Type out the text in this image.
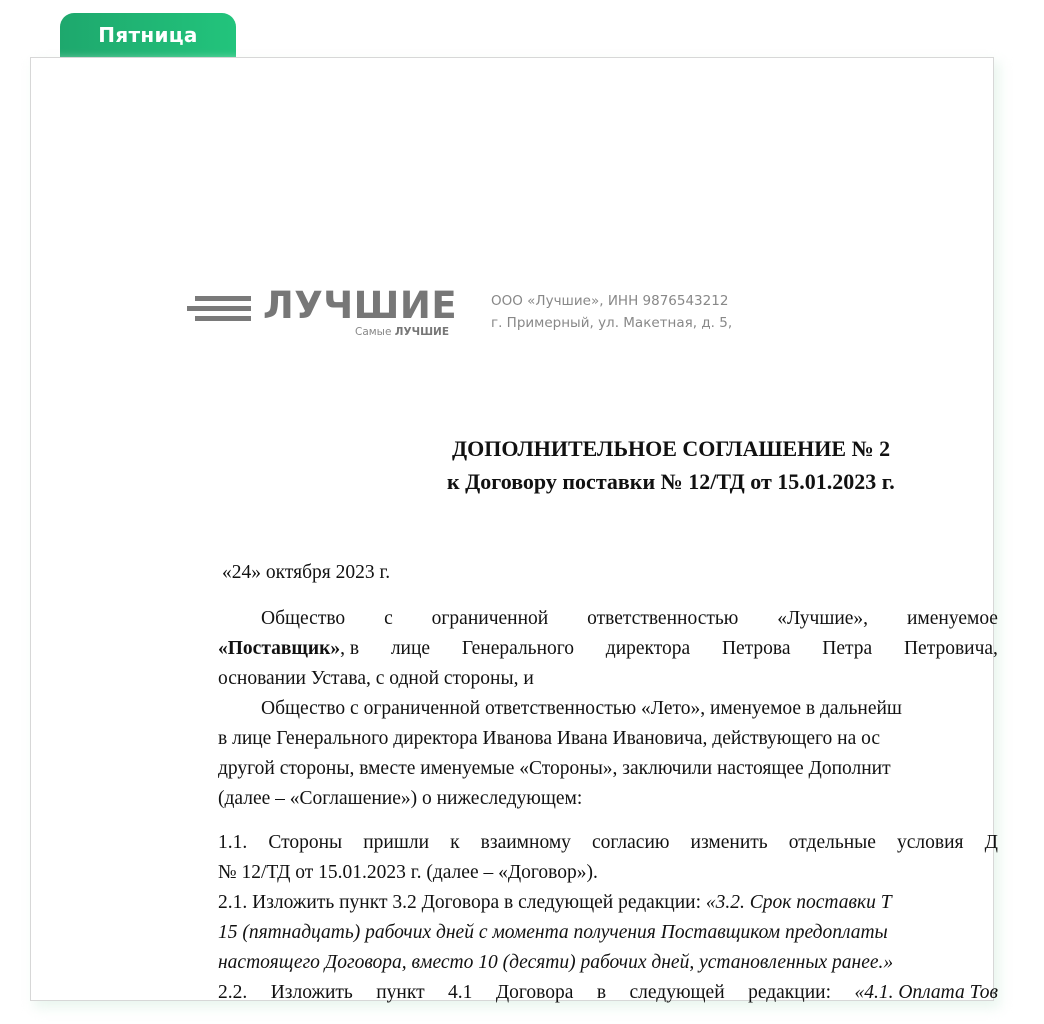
Пятница
ЛУЧШИЕ
Самые ЛУЧШИЕ
ООО «Лучшие», ИНН 9876543212
г. Примерный, ул. Макетная, д. 5,
ДОПОЛНИТЕЛЬНОЕ СОГЛАШЕНИЕ № 2
к Договору поставки № 12/ТД от 15.01.2023 г.
«24» октября 2023 г.
Общество с ограниченной ответственностью «Лучшие», именуемое
«Поставщик», в лице Генерального директора Петрова Петра Петровича,
основании Устава, с одной стороны, и
Общество с ограниченной ответственностью «Лето», именуемое в дальнейш
в лице Генерального директора Иванова Ивана Ивановича, действующего на ос
другой стороны, вместе именуемые «Стороны», заключили настоящее Дополнит
(далее – «Соглашение») о нижеследующем:
1.1. Стороны пришли к взаимному согласию изменить отдельные условия Д
№ 12/ТД от 15.01.2023 г. (далее – «Договор»).
2.1. Изложить пункт 3.2 Договора в следующей редакции: «3.2. Срок поставки Т
15 (пятнадцать) рабочих дней с момента получения Поставщиком предоплаты
настоящего Договора, вместо 10 (десяти) рабочих дней, установленных ранее.»
2.2. Изложить пункт 4.1 Договора в следующей редакции: «4.1. Оплата Тов
